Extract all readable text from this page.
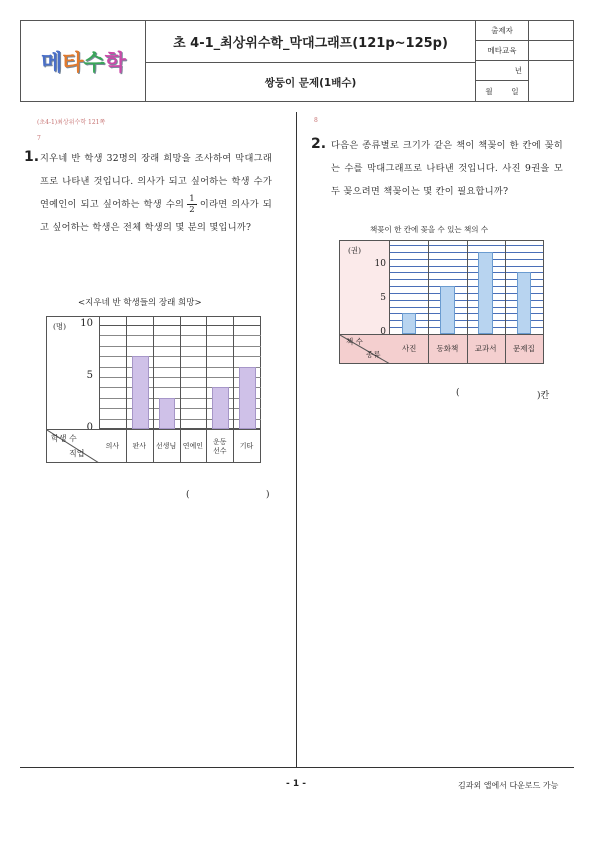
메 타 수 학
초 4-1_최상위수학_막대그래프(121p~125p)
쌍둥이 문제(1배수)
출제자
메타교육
년
월	일
(초4-1)최상위수학 121쪽
7
1. 지우네 반 학생 32명의 장래 희망을 조사하여 막대그래프로 나타낸 것입니다. 의사가 되고 싶어하는 학생 수가 연예인이 되고 싶어하는 학생 수의 $\frac{1}{2}$ 이라면 의사가 되고 싶어하는 학생은 전체 학생의 몇 분의 몇입니까?
<지우네 반 학생들의 장래 희망>
(명)
0
5
10
학생 수
직업
의사	판사	선생님 연예인
운동
선수
기타
(	)
8
2. 다음은 종류별로 크기가 같은 책이 책꽂이 한 칸에 꽂히는 수를 막대그래프로 나타낸 것입니다. 사진 9권을 모두 꽂으려면 책꽂이는 몇 칸이 필요합니까?
책꽂이 한 칸에 꽂을 수 있는 책의 수
(권)
0
5
10
사진	동화책	교과서	문제집
책 수
종류
(	)칸
- 1 -	김과외 앱에서 다운로드 가능
